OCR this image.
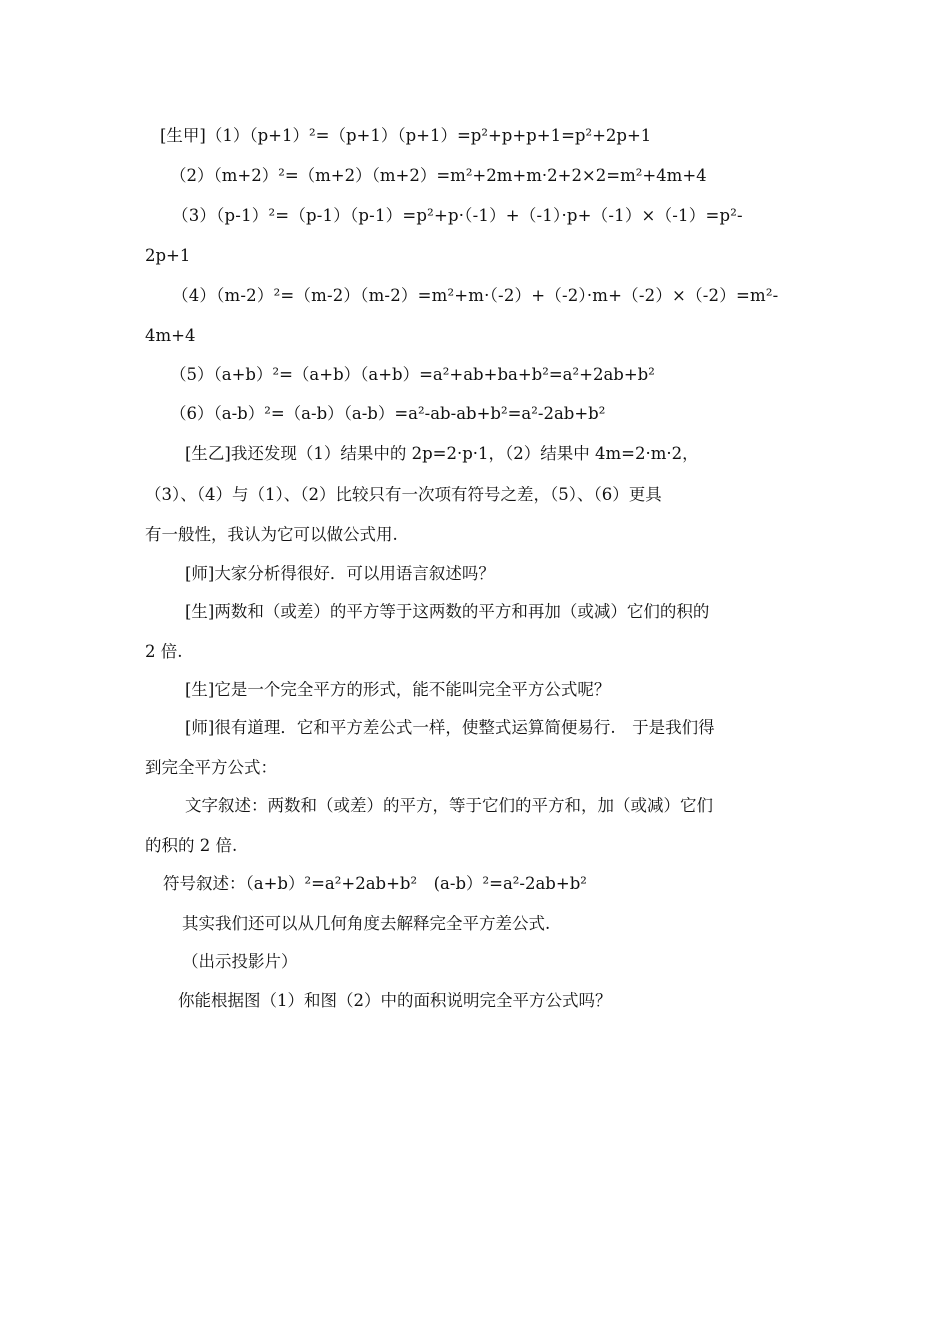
[生甲]（1）（p+1）²=（p+1）（p+1）=p²+p+p+1=p²+2p+1
（2）（m+2）²=（m+2）（m+2）=m²+2m+m·2+2×2=m²+4m+4
（3）（p-1）²=（p-1）（p-1）=p²+p·（-1）+（-1）·p+（-1）×（-1）=p²-
2p+1
（4）（m-2）²=（m-2）（m-2）=m²+m·（-2）+（-2）·m+（-2）×（-2）=m²-
4m+4
（5）（a+b）²=（a+b）（a+b）=a²+ab+ba+b²=a²+2ab+b²
（6）（a-b）²=（a-b）（a-b）=a²-ab-ab+b²=a²-2ab+b²
[生乙]我还发现（1）结果中的 2p=2·p·1，（2）结果中 4m=2·m·2，
（3）、（4）与（1）、（2）比较只有一次项有符号之差，（5）、（6）更具
有一般性，我认为它可以做公式用.
[师]大家分析得很好．可以用语言叙述吗？
[生]两数和（或差）的平方等于这两数的平方和再加（或减）它们的积的
2 倍.
[生]它是一个完全平方的形式，能不能叫完全平方公式呢？
[师]很有道理．它和平方差公式一样，使整式运算简便易行.　于是我们得
到完全平方公式：
文字叙述：两数和（或差）的平方，等于它们的平方和，加（或减）它们
的积的 2 倍.
符号叙述：（a+b）²=a²+2ab+b²　(a-b）²=a²-2ab+b²
其实我们还可以从几何角度去解释完全平方差公式.
（出示投影片）
你能根据图（1）和图（2）中的面积说明完全平方公式吗？
